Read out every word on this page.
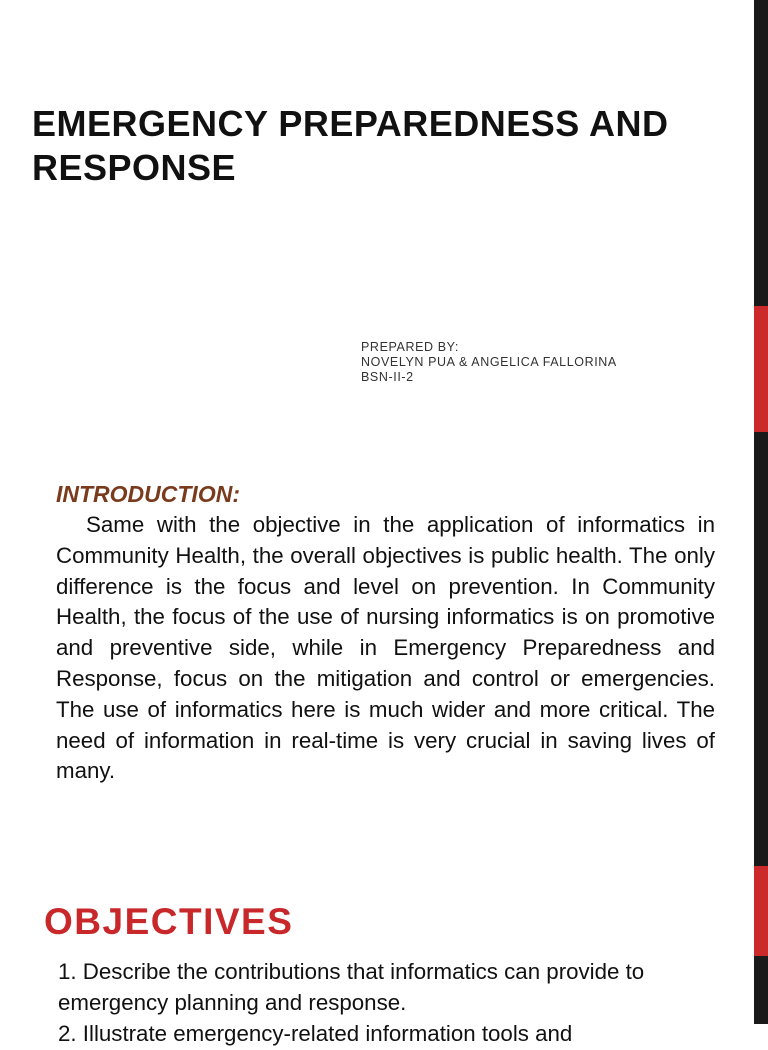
EMERGENCY PREPAREDNESS AND RESPONSE
PREPARED BY:
NOVELYN PUA & ANGELICA FALLORINA
BSN-II-2
INTRODUCTION:
Same with the objective in the application of informatics in Community Health, the overall objectives is public health. The only difference is the focus and level on prevention. In Community Health, the focus of the use of nursing informatics is on promotive and preventive side, while in Emergency Preparedness and Response, focus on the mitigation and control or emergencies. The use of informatics here is much wider and more critical. The need of information in real-time is very crucial in saving lives of many.
OBJECTIVES
1. Describe the contributions that informatics can provide to emergency planning and response.
2. Illustrate emergency-related information tools and
